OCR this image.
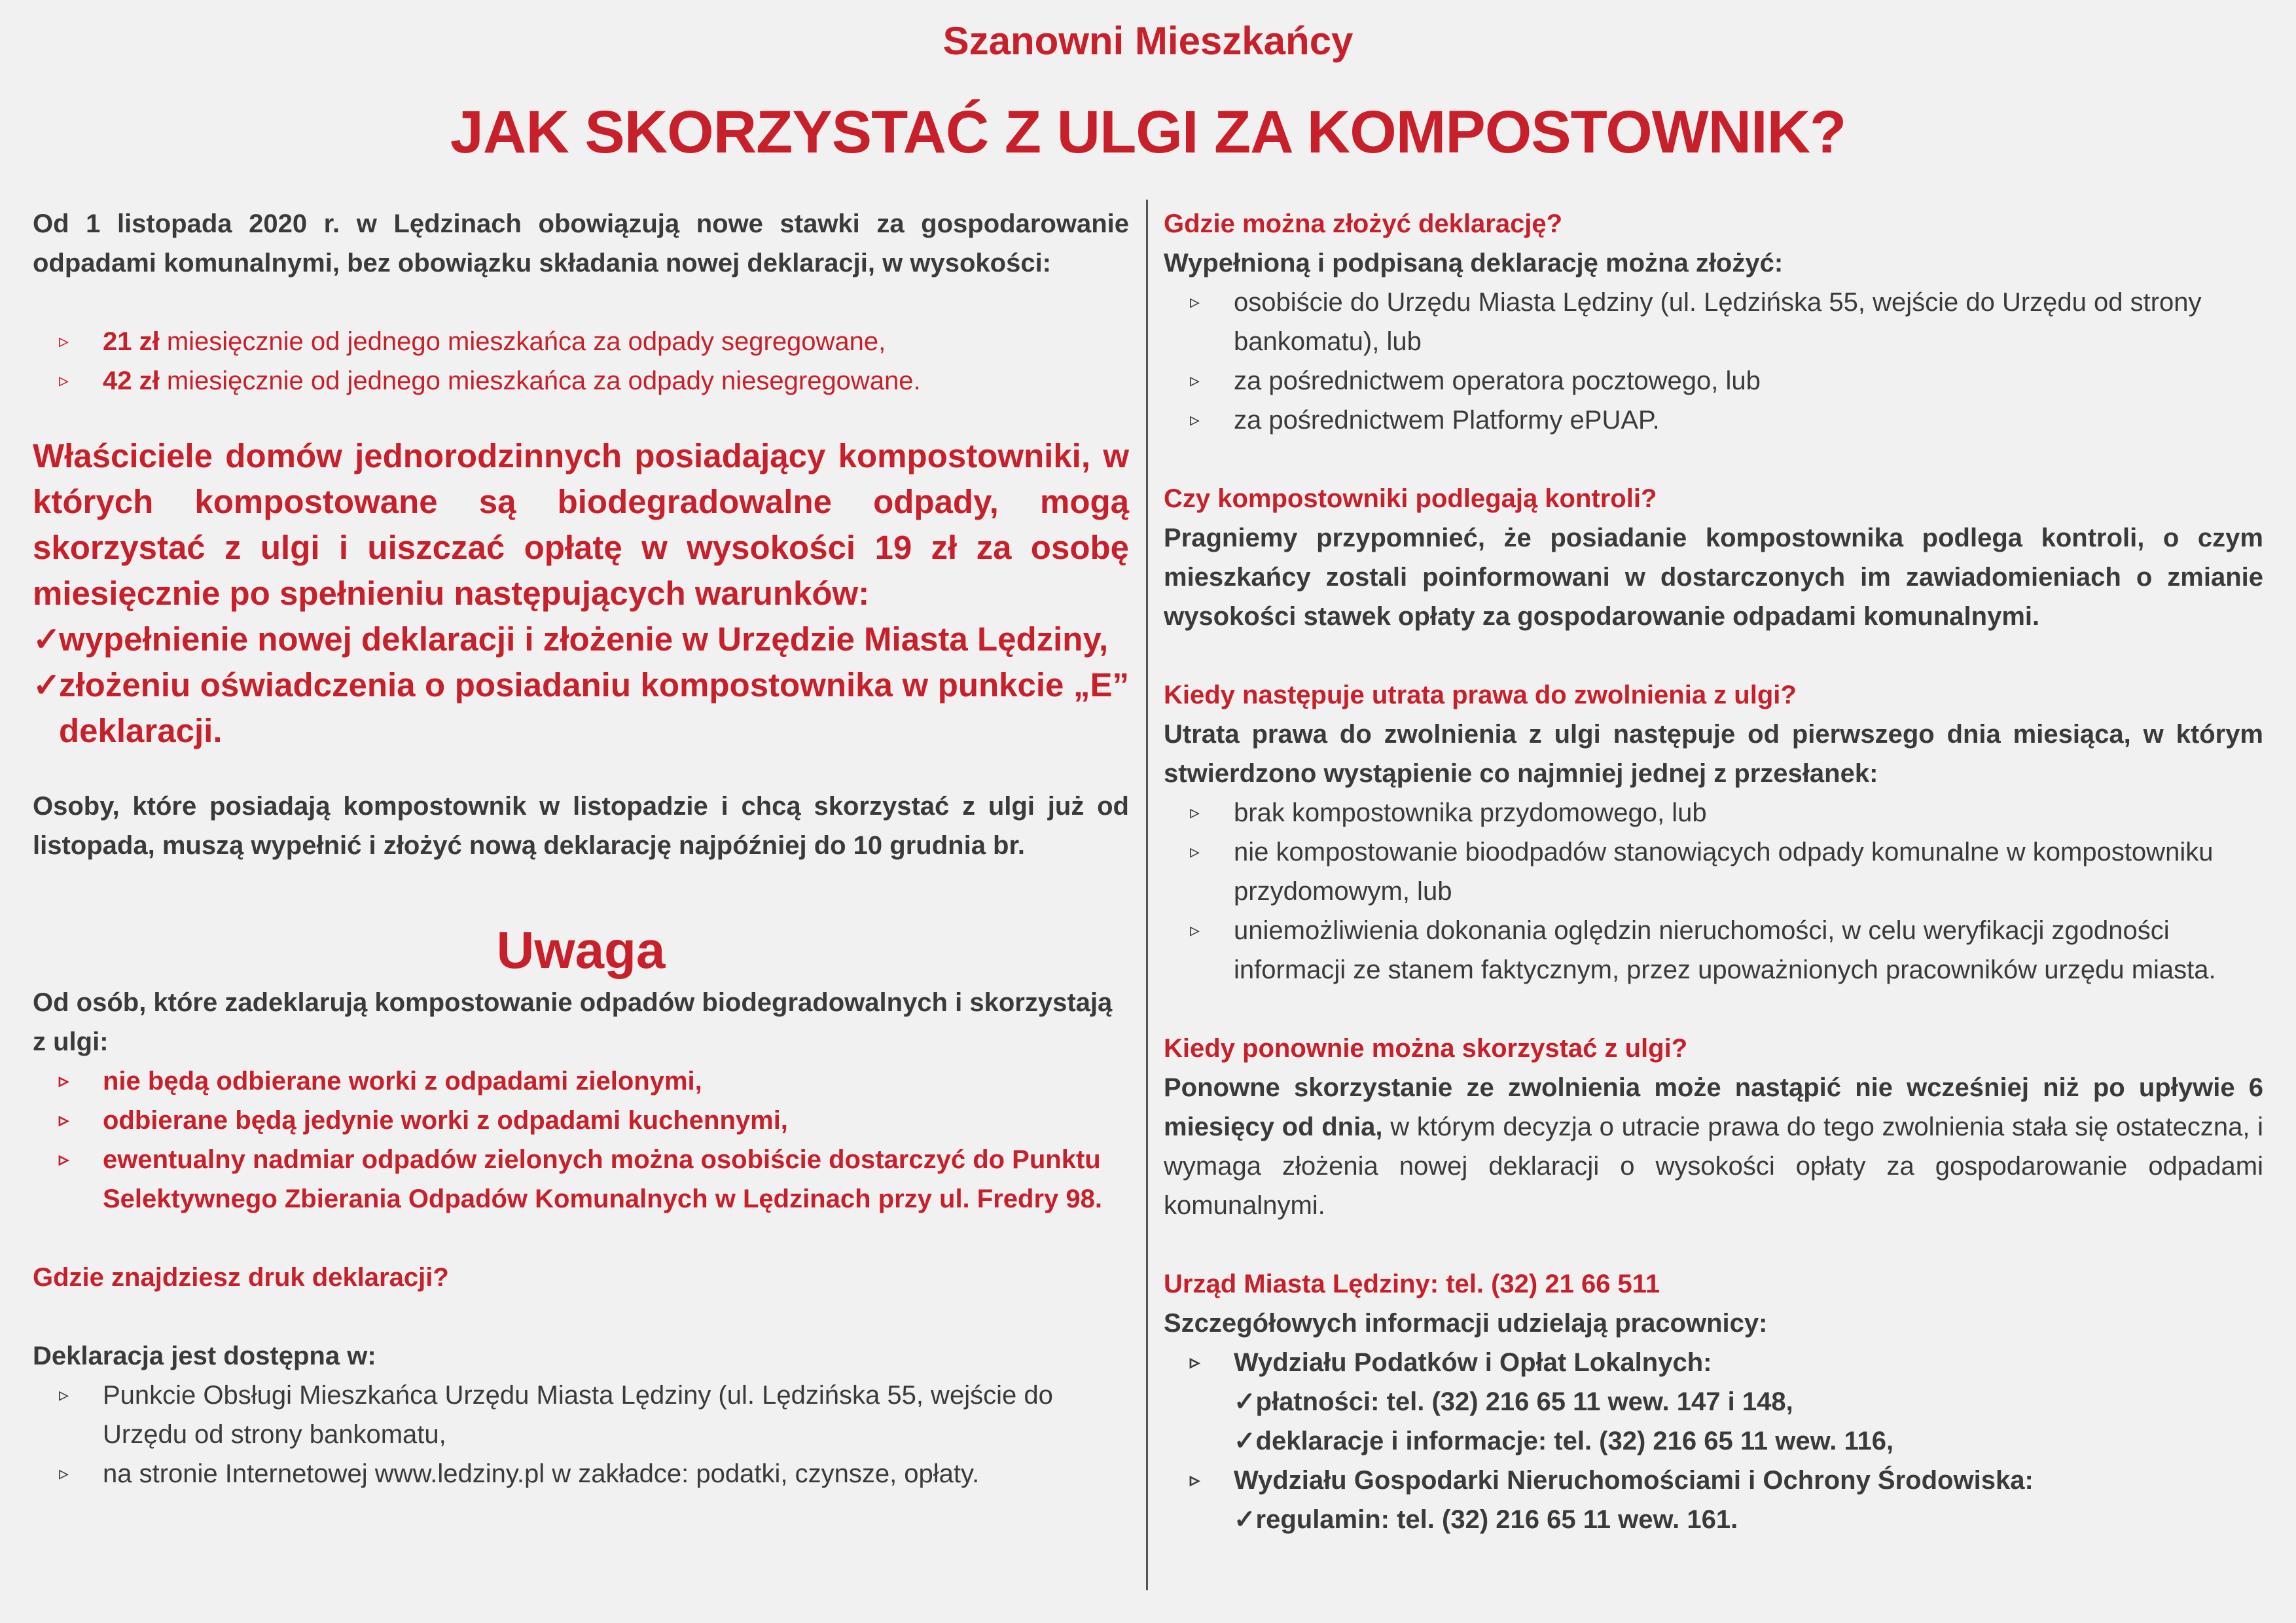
Szanowni Mieszkańcy
JAK SKORZYSTAĆ Z ULGI ZA KOMPOSTOWNIK?

Od 1 listopada 2020 r. w Lędzinach obowiązują nowe stawki za gospodarowanie odpadami komunalnymi, bez obowiązku składania nowej deklaracji, w wysokości:

▹ 21 zł miesięcznie od jednego mieszkańca za odpady segregowane,
▹ 42 zł miesięcznie od jednego mieszkańca za odpady niesegregowane.

Właściciele domów jednorodzinnych posiadający kompostowniki, w których kompostowane są biodegradowalne odpady, mogą skorzystać z ulgi i uiszczać opłatę w wysokości 19 zł za osobę miesięcznie po spełnieniu następujących warunków:

✓
wypełnienie nowej deklaracji i złożenie w Urzędzie Miasta Lędziny,
✓
złożeniu oświadczenia o posiadaniu kompostownika w punkcie „E” deklaracji.

Osoby, które posiadają kompostownik w listopadzie i chcą skorzystać z ulgi już od listopada, muszą wypełnić i złożyć nową deklarację najpóźniej do 10 grudnia br.

Uwaga

Od osób, które zadeklarują kompostowanie odpadów biodegradowalnych i skorzystają z ulgi:

▹ nie będą odbierane worki z odpadami zielonymi,
▹ odbierane będą jedynie worki z odpadami kuchennymi,
▹ ewentualny nadmiar odpadów zielonych można osobiście dostarczyć do Punktu Selektywnego Zbierania Odpadów Komunalnych w Lędzinach przy ul. Fredry 98.

Gdzie znajdziesz druk deklaracji?

Deklaracja jest dostępna w:

▹ Punkcie Obsługi Mieszkańca Urzędu Miasta Lędziny (ul. Lędzińska 55, wejście do Urzędu od strony bankomatu,
▹ na stronie Internetowej www.ledziny.pl w zakładce: podatki, czynsze, opłaty.

Gdzie można złożyć deklarację?

Wypełnioną i podpisaną deklarację można złożyć:

▹ osobiście do Urzędu Miasta Lędziny (ul. Lędzińska 55, wejście do Urzędu od strony bankomatu), lub
▹ za pośrednictwem operatora pocztowego, lub
▹ za pośrednictwem Platformy ePUAP.

Czy kompostowniki podlegają kontroli?

Pragniemy przypomnieć, że posiadanie kompostownika podlega kontroli, o czym mieszkańcy zostali poinformowani w dostarczonych im zawiadomieniach o zmianie wysokości stawek opłaty za gospodarowanie odpadami komunalnymi.

Kiedy następuje utrata prawa do zwolnienia z ulgi?

Utrata prawa do zwolnienia z ulgi następuje od pierwszego dnia miesiąca, w którym stwierdzono wystąpienie co najmniej jednej z przesłanek:

▹ brak kompostownika przydomowego, lub
▹ nie kompostowanie bioodpadów stanowiących odpady komunalne w kompostowniku przydomowym, lub
▹ uniemożliwienia dokonania oględzin nieruchomości, w celu weryfikacji zgodności informacji ze stanem faktycznym, przez upoważnionych pracowników urzędu miasta.

Kiedy ponownie można skorzystać z ulgi?

Ponowne skorzystanie ze zwolnienia może nastąpić nie wcześniej niż po upływie 6 miesięcy od dnia, w którym decyzja o utracie prawa do tego zwolnienia stała się ostateczna, i wymaga złożenia nowej deklaracji o wysokości opłaty za gospodarowanie odpadami komunalnymi.

Urząd Miasta Lędziny: tel. (32) 21 66 511

Szczegółowych informacji udzielają pracownicy:

▹ Wydziału Podatków i Opłat Lokalnych:
✓płatności: tel. (32) 216 65 11 wew. 147 i 148,
✓deklaracje i informacje: tel. (32) 216 65 11 wew. 116,
▹ Wydziału Gospodarki Nieruchomościami i Ochrony Środowiska:
✓regulamin: tel. (32) 216 65 11 wew. 161.
